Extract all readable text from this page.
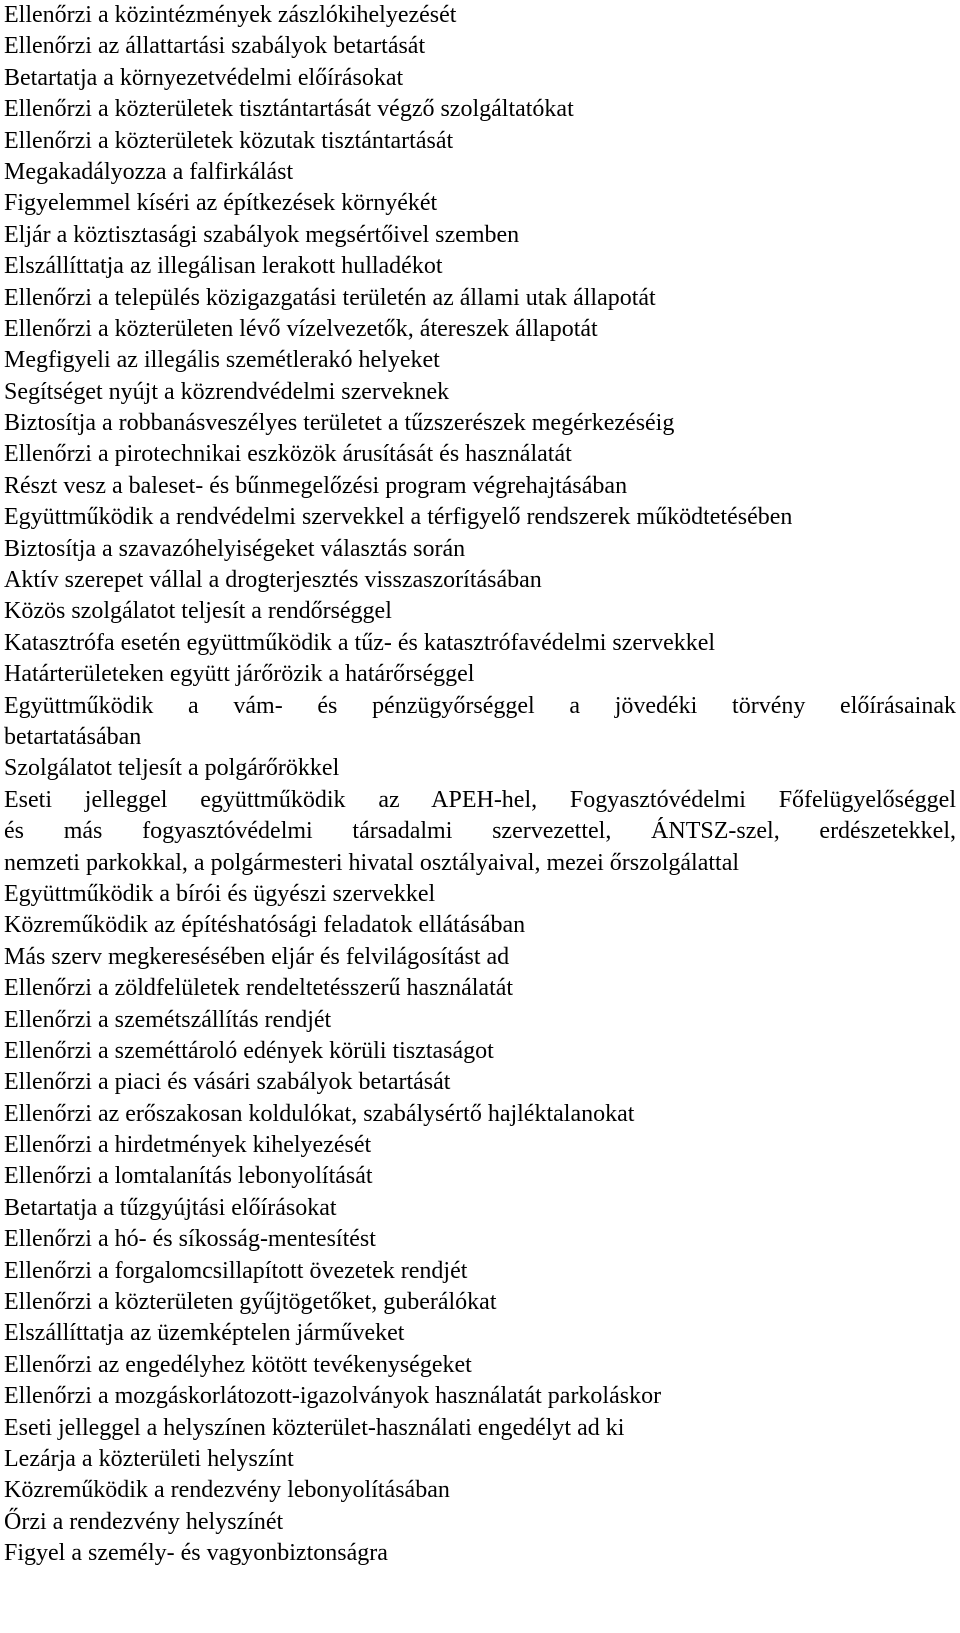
Ellenőrzi a közintézmények zászlókihelyezését
Ellenőrzi az állattartási szabályok betartását
Betartatja a környezetvédelmi előírásokat
Ellenőrzi a közterületek tisztántartását végző szolgáltatókat
Ellenőrzi a közterületek közutak tisztántartását
Megakadályozza a falfirkálást
Figyelemmel kíséri az építkezések környékét
Eljár a köztisztasági szabályok megsértőivel szemben
Elszállíttatja az illegálisan lerakott hulladékot
Ellenőrzi a település közigazgatási területén az állami utak állapotát
Ellenőrzi a közterületen lévő vízelvezetők, átereszek állapotát
Megfigyeli az illegális szemétlerakó helyeket
Segítséget nyújt a közrendvédelmi szerveknek
Biztosítja a robbanásveszélyes területet a tűzszerészek megérkezéséig
Ellenőrzi a pirotechnikai eszközök árusítását és használatát
Részt vesz a baleset- és bűnmegelőzési program végrehajtásában
Együttműködik a rendvédelmi szervekkel a térfigyelő rendszerek működtetésében
Biztosítja a szavazóhelyiségeket választás során
Aktív szerepet vállal a drogterjesztés visszaszorításában
Közös szolgálatot teljesít a rendőrséggel
Katasztrófa esetén együttműködik a tűz- és katasztrófavédelmi szervekkel
Határterületeken együtt járőrözik a határőrséggel
Együttműködik a vám- és pénzügyőrséggel a jövedéki törvény előírásainak
betartatásában
Szolgálatot teljesít a polgárőrökkel
Eseti jelleggel együttműködik az APEH-hel, Fogyasztóvédelmi Főfelügyelőséggel
és más fogyasztóvédelmi társadalmi szervezettel, ÁNTSZ-szel, erdészetekkel,
nemzeti parkokkal, a polgármesteri hivatal osztályaival, mezei őrszolgálattal
Együttműködik a bírói és ügyészi szervekkel
Közreműködik az építéshatósági feladatok ellátásában
Más szerv megkeresésében eljár és felvilágosítást ad
Ellenőrzi a zöldfelületek rendeltetésszerű használatát
Ellenőrzi a szemétszállítás rendjét
Ellenőrzi a szeméttároló edények körüli tisztaságot
Ellenőrzi a piaci és vásári szabályok betartását
Ellenőrzi az erőszakosan koldulókat, szabálysértő hajléktalanokat
Ellenőrzi a hirdetmények kihelyezését
Ellenőrzi a lomtalanítás lebonyolítását
Betartatja a tűzgyújtási előírásokat
Ellenőrzi a hó- és síkosság-mentesítést
Ellenőrzi a forgalomcsillapított övezetek rendjét
Ellenőrzi a közterületen gyűjtögetőket, guberálókat
Elszállíttatja az üzemképtelen járműveket
Ellenőrzi az engedélyhez kötött tevékenységeket
Ellenőrzi a mozgáskorlátozott-igazolványok használatát parkoláskor
Eseti jelleggel a helyszínen közterület-használati engedélyt ad ki
Lezárja a közterületi helyszínt
Közreműködik a rendezvény lebonyolításában
Őrzi a rendezvény helyszínét
Figyel a személy- és vagyonbiztonságra
